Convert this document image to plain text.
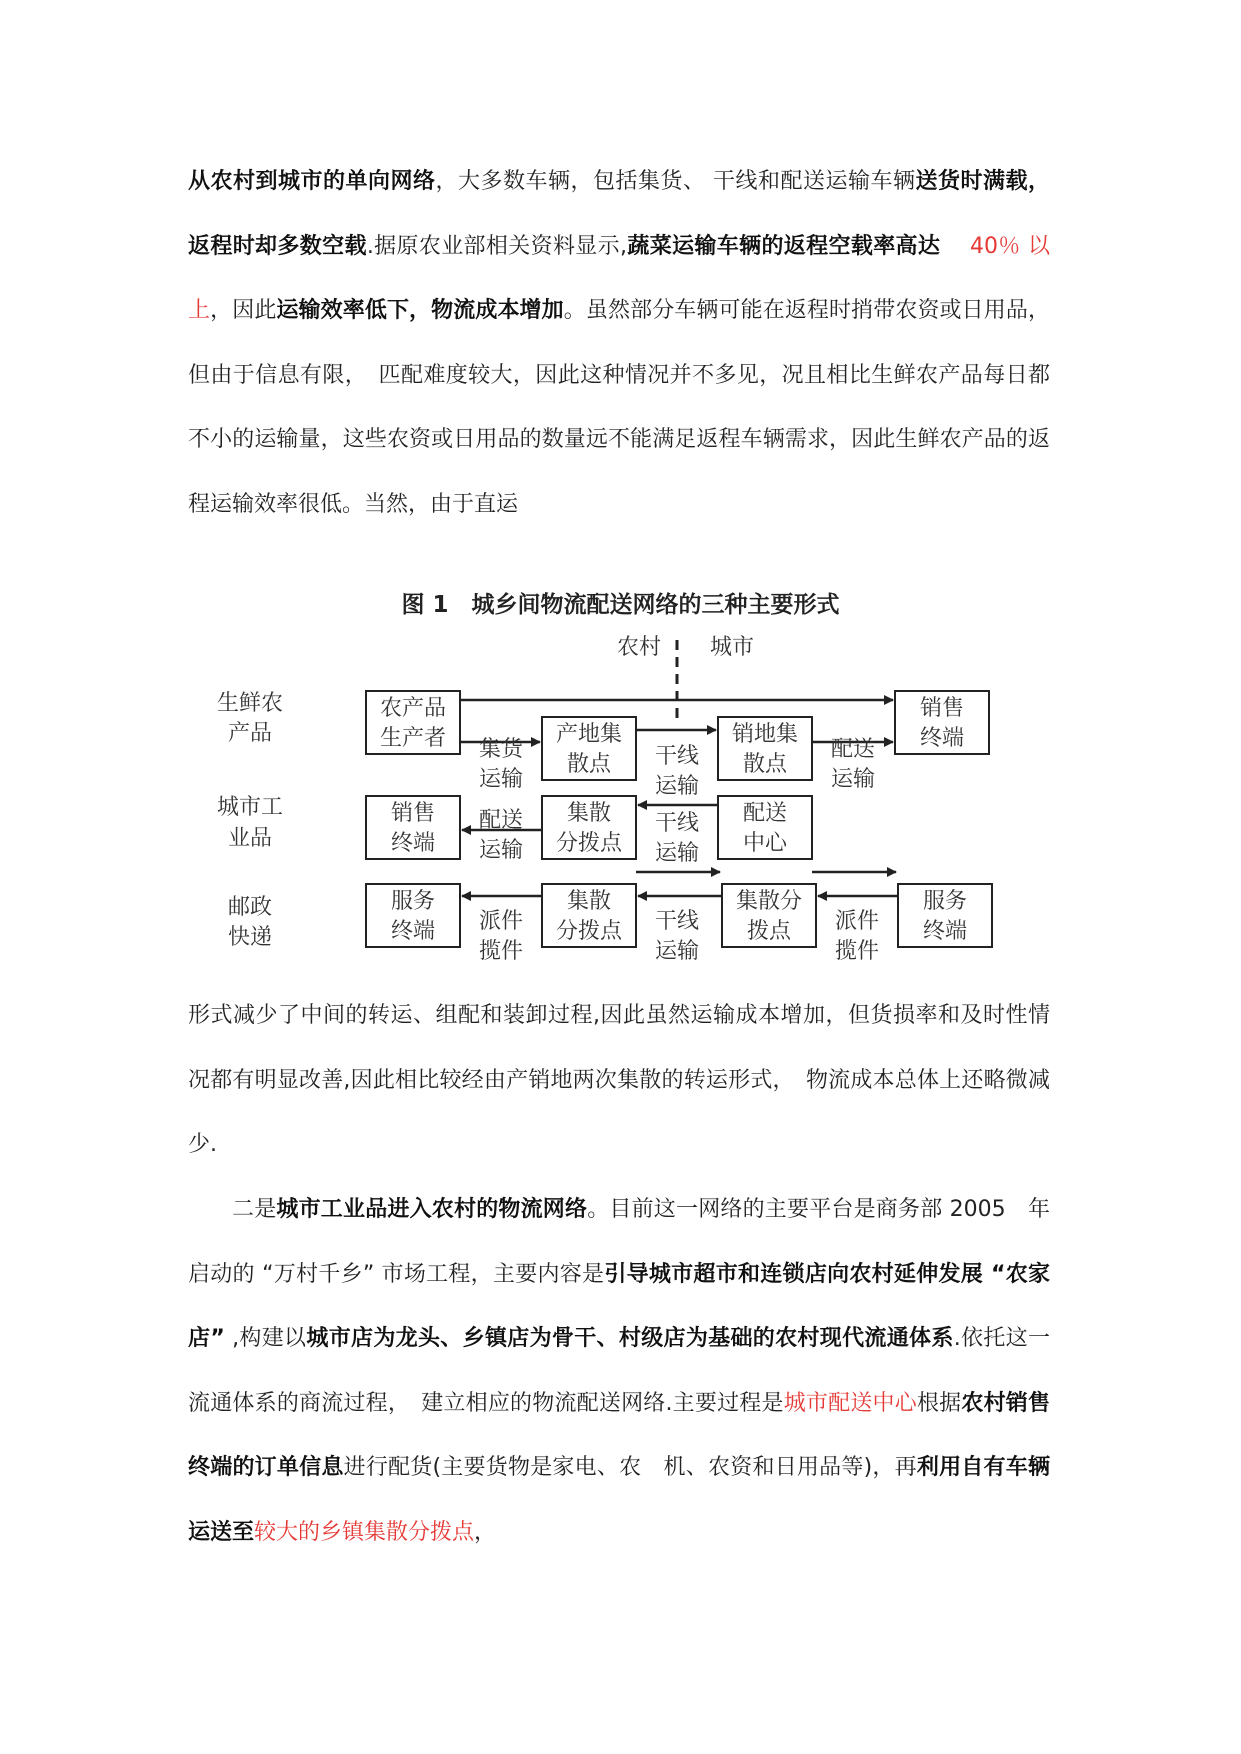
从农村到城市的单向网络，大多数车辆，包括集货、 干线和配送运输车辆送货时满载，返程时却多数空载.据原农业部相关资料显示,蔬菜运输车辆的返程空载率高达　 40％ 以上，因此运输效率低下，物流成本增加。虽然部分车辆可能在返程时捎带农资或日用品，但由于信息有限，　匹配难度较大，因此这种情况并不多见，况且相比生鲜农产品每日都不小的运输量，这些农资或日用品的数量远不能满足返程车辆需求，因此生鲜农产品的返程运输效率很低。当然，由于直运

图 1　城乡间物流配送网络的三种主要形式
农村 城市
生鲜农
产品
城市工
业品
邮政
快递
农产品
生产者	产地集
散点
销地集
散点
销售
终端
销售
终端
集散
分拨点
配送
中心
服务
终端
集散
分拨点
集散分
拨点
服务
终端
集货
运输
干线
运输
配送
运输
配送
运输
干线
运输
派件
揽件
干线
运输
派件
揽件

形式减少了中间的转运、组配和装卸过程,因此虽然运输成本增加，但货损率和及时性情况都有明显改善,因此相比较经由产销地两次集散的转运形式，　物流成本总体上还略微减少.

二是城市工业品进入农村的物流网络。目前这一网络的主要平台是商务部 2005　年启动的 “万村千乡” 市场工程，主要内容是引导城市超市和连锁店向农村延伸发展 “农家店” ,构建以城市店为龙头、乡镇店为骨干、村级店为基础的农村现代流通体系.依托这一流通体系的商流过程，　建立相应的物流配送网络.主要过程是城市配送中心根据农村销售终端的订单信息进行配货(主要货物是家电、农　机、农资和日用品等)，再利用自有车辆运送至较大的乡镇集散分拨点，
